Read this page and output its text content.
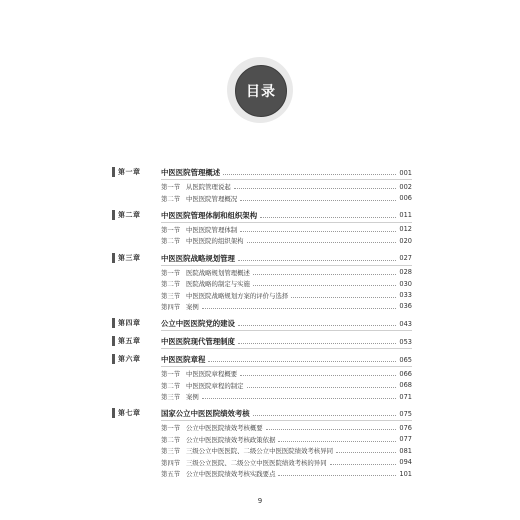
目录
第一章	中医医院管理概述	001
第一节 从医院管理说起	002
第二节 中医医院管理概况	006
第二章	中医医院管理体制和组织架构	011
第一节 中医医院管理体制	012
第二节 中医医院的组织架构	020
第三章	中医医院战略规划管理	027
第一节 医院战略规划管理概述	028
第二节 医院战略的制定与实施	030
第三节 中医医院战略规划方案的评价与选择	033
第四节 案例	036
第四章	公立中医医院党的建设	043
第五章	中医医院现代管理制度	053
第六章	中医医院章程	065
第一节 中医医院章程概要	066
第二节 中医医院章程的制定	068
第三节 案例	071
第七章	国家公立中医医院绩效考核	075
第一节 公立中医医院绩效考核概要	076
第二节 公立中医医院绩效考核政策依据	077
第三节 三级公立中医医院、二级公立中医医院绩效考核异同	081
第四节 三级公立医院、二级公立中医医院绩效考核的异同	094
第五节 公立中医医院绩效考核实践要点	101
9
